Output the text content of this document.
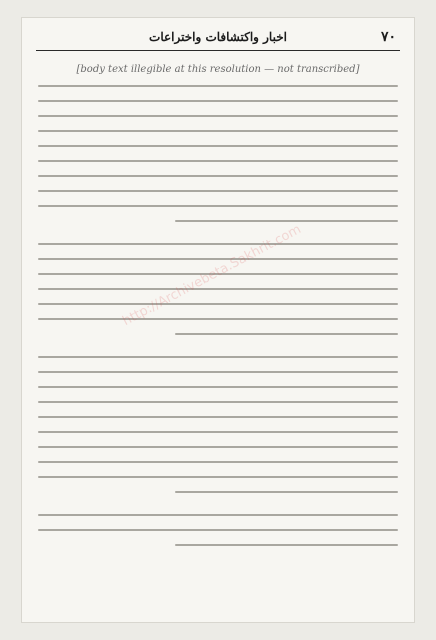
٧٠
اخبار واكتشافات واختراعات
[body text illegible at this resolution — not transcribed]
http://Archivebeta.Sakhrit.com
